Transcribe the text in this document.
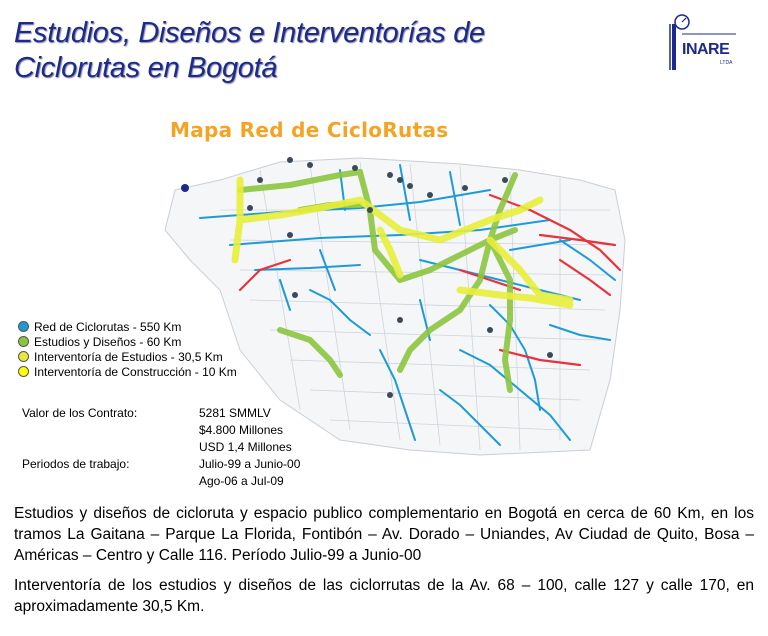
Estudios, Diseños e Interventorías de
Ciclorutas en Bogotá
INARE
LTDA
Mapa Red de CicloRutas
Red de Ciclorutas - 550 Km
Estudios y Diseños - 60 Km
Interventoría de Estudios - 30,5 Km
Interventoría de Construcción - 10 Km
Valor de los Contrato:	5281 SMMLV
$4.800 Millones
USD 1,4 Millones
Periodos de trabajo:	Julio-99 a Junio-00
Ago-06 a Jul-09

Estudios y diseños de cicloruta y espacio publico complementario en Bogotá en cerca de 60 Km, en los tramos La Gaitana – Parque La Florida, Fontibón – Av. Dorado – Uniandes, Av Ciudad de Quito, Bosa – Américas – Centro y Calle 116. Período Julio-99 a Junio-00

Interventoría de los estudios y diseños de las ciclorrutas de la Av. 68 – 100, calle 127 y calle 170, en aproximadamente 30,5 Km.
